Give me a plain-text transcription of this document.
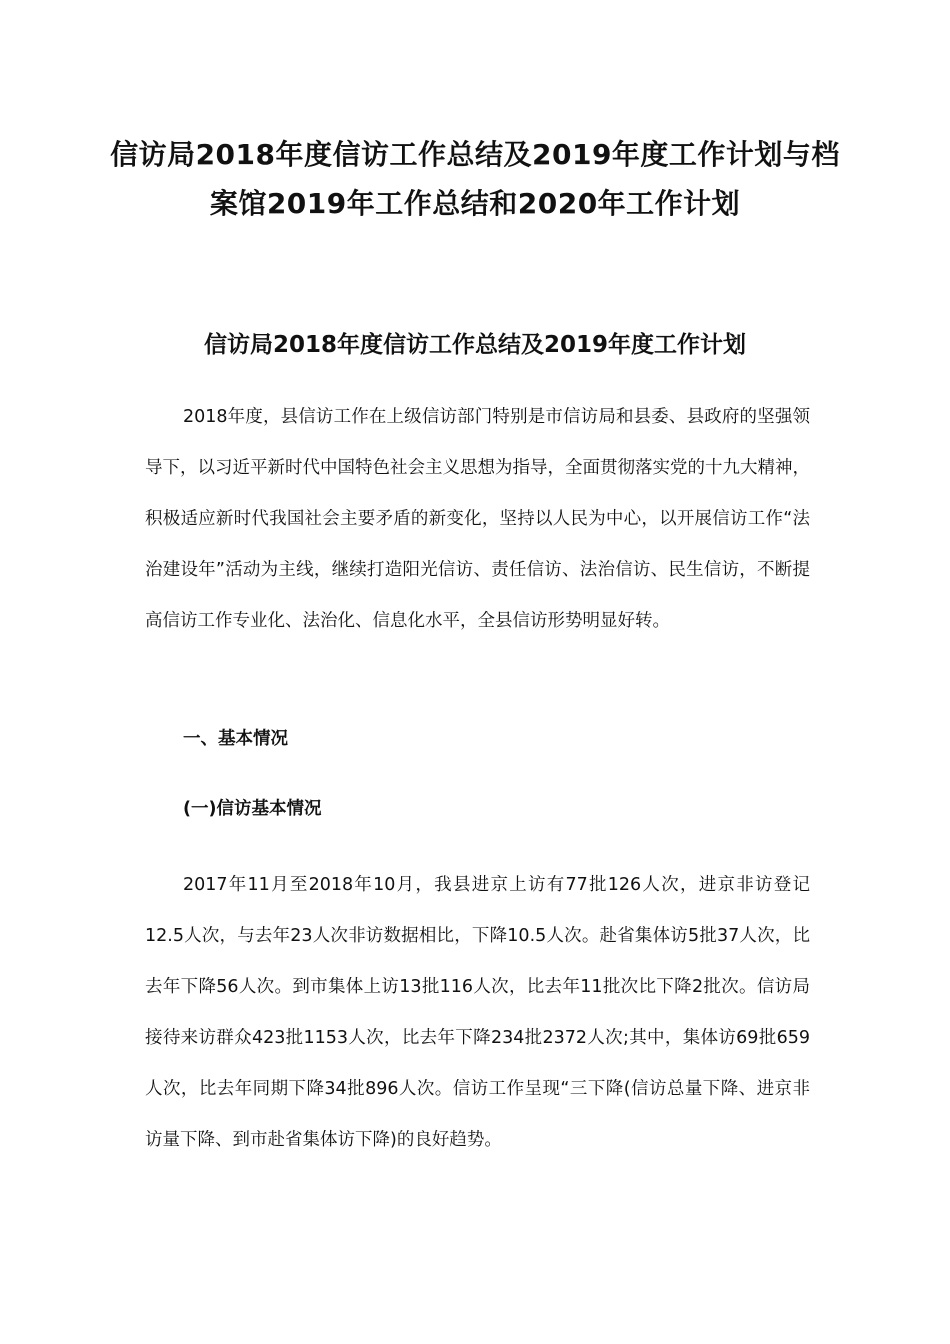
信访局2018年度信访工作总结及2019年度工作计划与档案馆2019年工作总结和2020年工作计划
信访局2018年度信访工作总结及2019年度工作计划

2018年度，县信访工作在上级信访部门特别是市信访局和县委、县政府的坚强领导下，以习近平新时代中国特色社会主义思想为指导，全面贯彻落实党的十九大精神，积极适应新时代我国社会主要矛盾的新变化，坚持以人民为中心，以开展信访工作“法治建设年”活动为主线，继续打造阳光信访、责任信访、法治信访、民生信访，不断提高信访工作专业化、法治化、信息化水平，全县信访形势明显好转。

一、基本情况
(一)信访基本情况

2017年11月至2018年10月，我县进京上访有77批126人次，进京非访登记12.5人次，与去年23人次非访数据相比，下降10.5人次。赴省集体访5批37人次，比去年下降56人次。到市集体上访13批116人次，比去年11批次比下降2批次。信访局接待来访群众423批1153人次，比去年下降234批2372人次;其中，集体访69批659人次，比去年同期下降34批896人次。信访工作呈现“三下降(信访总量下降、进京非访量下降、到市赴省集体访下降)的良好趋势。
